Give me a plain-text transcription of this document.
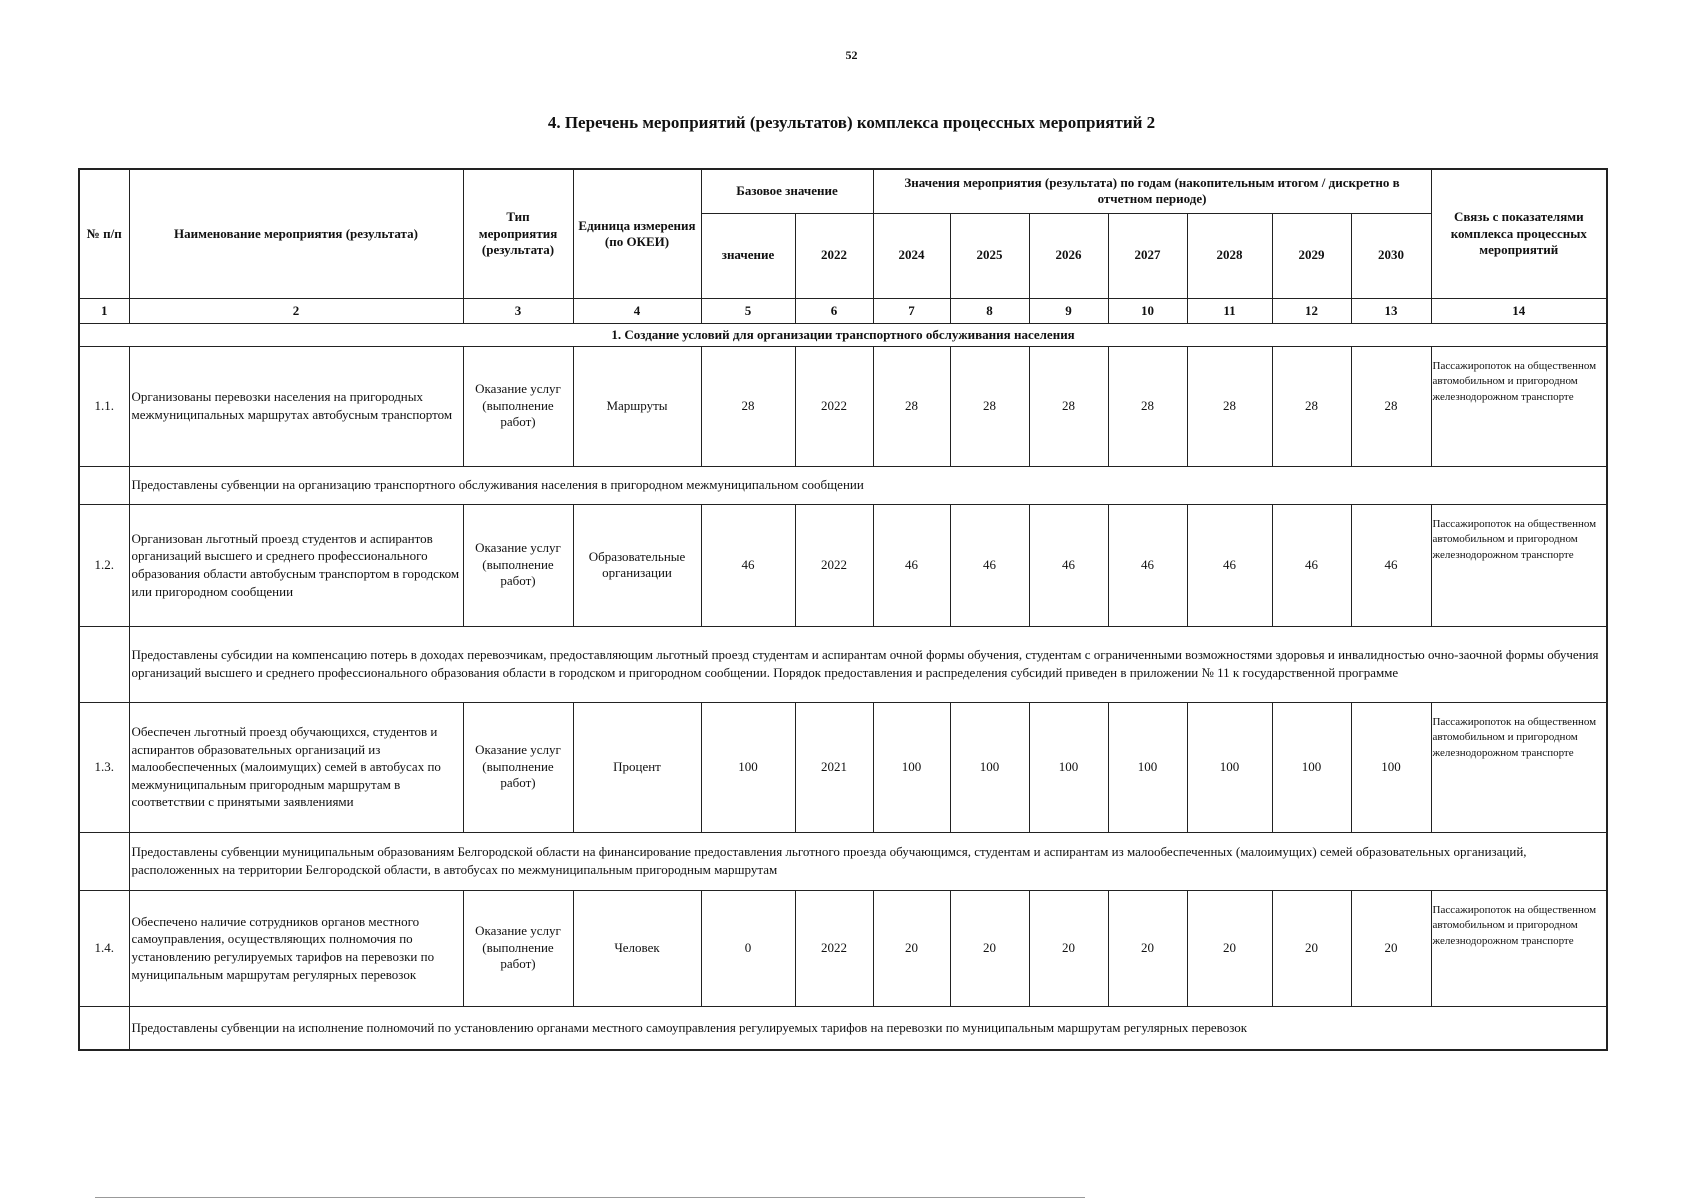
52
4. Перечень мероприятий (результатов) комплекса процессных мероприятий 2
№ п/п	Наименование мероприятия (результата)	Тип мероприятия (результата)	Единица измерения (по ОКЕИ)	Базовое значение		Значения мероприятия (результата) по годам (накопительным итогом / дискретно в отчетном периоде)							Связь с показателями комплекса процессных мероприятий
				значение	2022	2024	2025	2026	2027	2028	2029	2030	
1	2	3	4	5	6	7	8	9	10	11	12	13	14
1. Создание условий для организации транспортного обслуживания населения													
1.1.	Организованы перевозки населения на пригородных межмуниципальных маршрутах автобусным транспортом	Оказание услуг (выполнение работ)	Маршруты	28	2022	28	28	28	28	28	28	28	Пассажиропоток на общественном автомобильном и пригородном железнодорожном транспорте
	Предоставлены субвенции на организацию транспортного обслуживания населения в пригородном межмуниципальном сообщении												
1.2.	Организован льготный проезд студентов и аспирантов организаций высшего и среднего профессионального образования области автобусным транспортом в городском или пригородном сообщении	Оказание услуг (выполнение работ)	Образовательные организации	46	2022	46	46	46	46	46	46	46	Пассажиропоток на общественном автомобильном и пригородном железнодорожном транспорте
	Предоставлены субсидии на компенсацию потерь в доходах перевозчикам, предоставляющим льготный проезд студентам и аспирантам очной формы обучения, студентам с ограниченными возможностями здоровья и инвалидностью очно-заочной формы обучения организаций высшего и среднего профессионального образования области в городском и пригородном сообщении. Порядок предоставления и распределения субсидий приведен в приложении № 11 к государственной программе												
1.3.	Обеспечен льготный проезд обучающихся, студентов и аспирантов образовательных организаций из малообеспеченных (малоимущих) семей в автобусах по межмуниципальным пригородным маршрутам в соответствии с принятыми заявлениями	Оказание услуг (выполнение работ)	Процент	100	2021	100	100	100	100	100	100	100	Пассажиропоток на общественном автомобильном и пригородном железнодорожном транспорте
	Предоставлены субвенции муниципальным образованиям Белгородской области на финансирование предоставления льготного проезда обучающимся, студентам и аспирантам из малообеспеченных (малоимущих) семей образовательных организаций, расположенных на территории Белгородской области, в автобусах по межмуниципальным пригородным маршрутам												
1.4.	Обеспечено наличие сотрудников органов местного самоуправления, осуществляющих полномочия по установлению регулируемых тарифов на перевозки по муниципальным маршрутам регулярных перевозок	Оказание услуг (выполнение работ)	Человек	0	2022	20	20	20	20	20	20	20	Пассажиропоток на общественном автомобильном и пригородном железнодорожном транспорте
	Предоставлены субвенции на исполнение полномочий по установлению органами местного самоуправления регулируемых тарифов на перевозки по муниципальным маршрутам регулярных перевозок												
